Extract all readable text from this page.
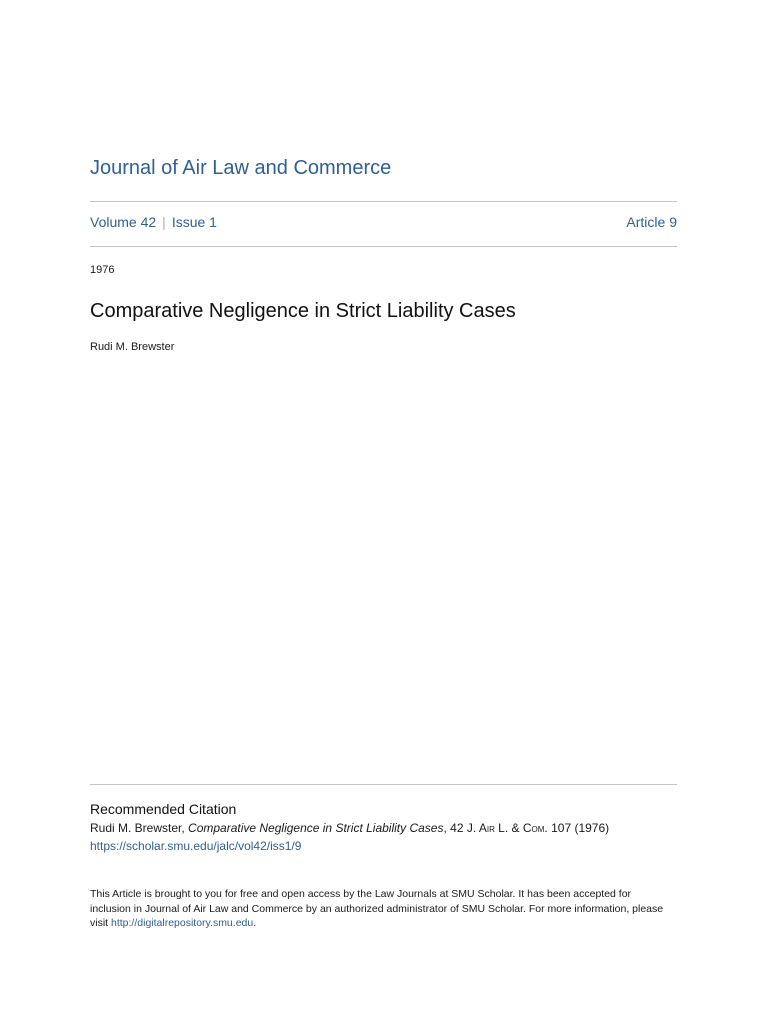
Journal of Air Law and Commerce
Volume 42 | Issue 1	Article 9
1976
Comparative Negligence in Strict Liability Cases
Rudi M. Brewster
Recommended Citation
Rudi M. Brewster, Comparative Negligence in Strict Liability Cases, 42 J. Air L. & Com. 107 (1976)
https://scholar.smu.edu/jalc/vol42/iss1/9
This Article is brought to you for free and open access by the Law Journals at SMU Scholar. It has been accepted for inclusion in Journal of Air Law and Commerce by an authorized administrator of SMU Scholar. For more information, please visit http://digitalrepository.smu.edu.
